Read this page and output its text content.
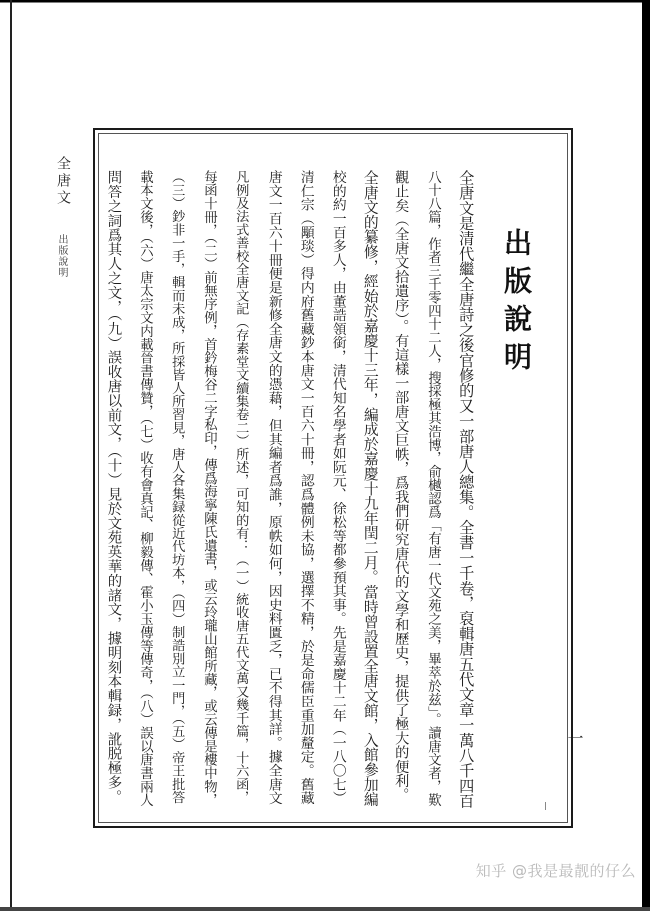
全唐文
出版說明	出版說明
全唐文是清代繼全唐詩之後官修的又一部唐人總集。全書一千卷，裒輯唐五代文章一萬八千四百
八十八篇，作者三千零四十二人，搜採極其浩博，俞樾認爲「有唐一代文苑之美，畢萃於兹」。讀唐文者，歎
觀止矣（全唐文拾遺序）。有這樣一部唐文巨帙，爲我們研究唐代的文學和歷史，提供了極大的便利。
全唐文的纂修，經始於嘉慶十三年，編成於嘉慶十九年閏二月。當時曾設置全唐文館，入館參加編
校的約一百多人，由董誥領銜，清代知名學者如阮元、徐松等都參預其事。先是嘉慶十二年（一八〇七）
清仁宗（顒琰）得内府舊藏鈔本唐文一百六十冊，認爲體例未協，選擇不精，於是命儒臣重加釐定。舊藏
唐文一百六十冊便是新修全唐文的憑藉，但其編者爲誰，原帙如何，因史料匱乏，已不得其詳。據全唐文
凡例及法式善校全唐文記（存素堂文續集卷二）所述，可知的有：（一）統收唐五代文萬又幾千篇，十六函，
每函十冊，（二）前無序例，首鈐梅谷二字私印，傳爲海寧陳氏遺書，或云玲瓏山館所藏，或云傳是樓中物，
（三）鈔非一手，輯而未成，所採皆人所習見，唐人各集録從近代坊本，（四）制誥別立一門，（五）帝王批答
載本文後，（六）唐太宗文内載晉書傳贊，（七）收有會真記、柳毅傳、霍小玉傳等傳奇，（八）誤以唐書兩人
問答之詞爲其人之文，（九）誤收唐以前文，（十）見於文苑英華的諸文，據明刻本輯録，訛脱極多。	一
知乎 @我是最靓的仔么
